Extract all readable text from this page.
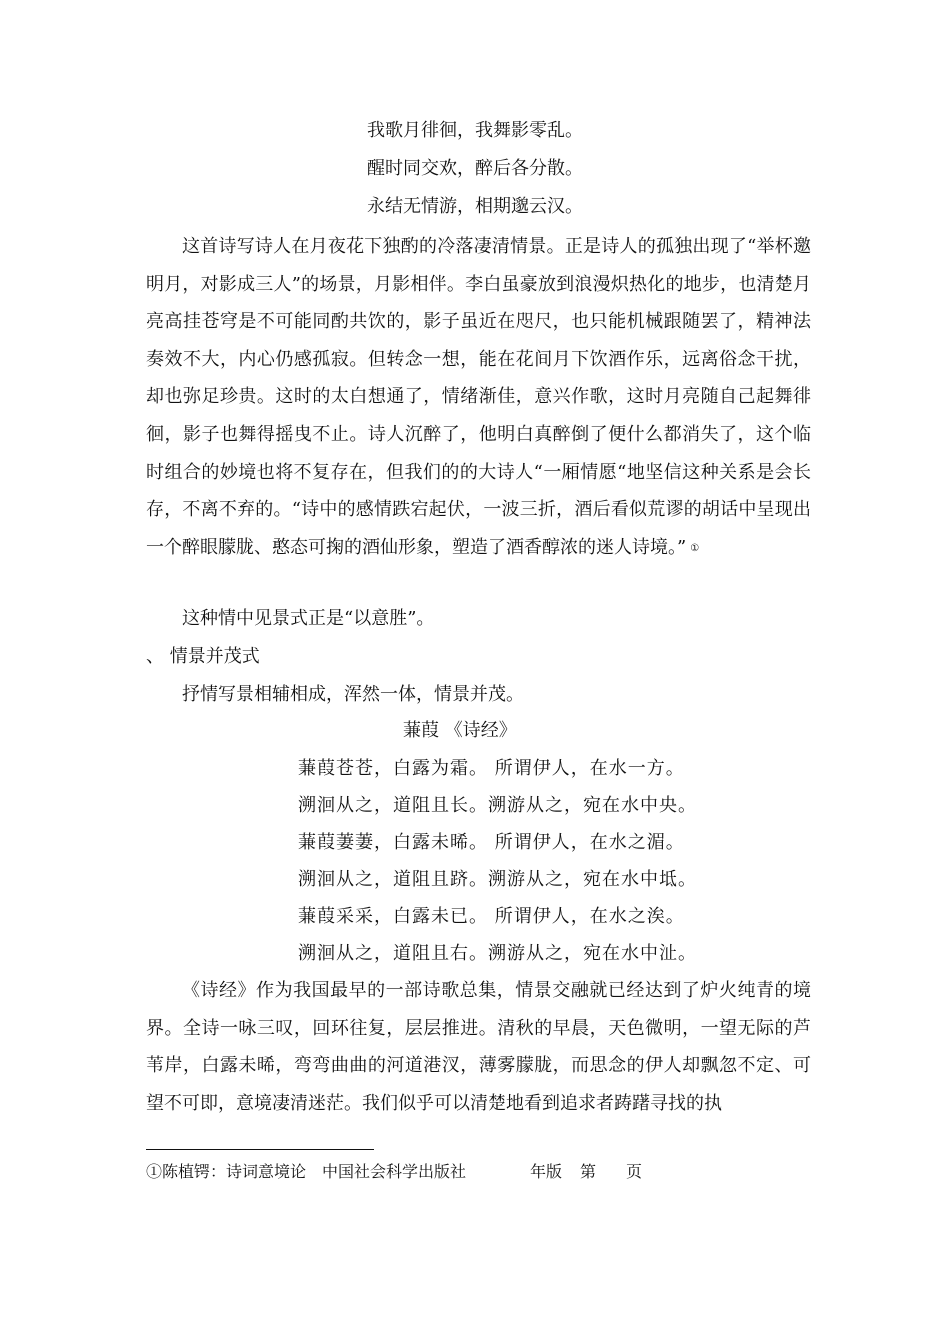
我歌月徘徊，我舞影零乱。
醒时同交欢，醉后各分散。
永结无情游，相期邈云汉。

这首诗写诗人在月夜花下独酌的冷落凄清情景。正是诗人的孤独出现了“举杯邀明月，对影成三人”的场景，月影相伴。李白虽豪放到浪漫炽热化的地步，也清楚月亮高挂苍穹是不可能同酌共饮的，影子虽近在咫尺，也只能机械跟随罢了，精神法奏效不大，内心仍感孤寂。但转念一想，能在花间月下饮酒作乐，远离俗念干扰，却也弥足珍贵。这时的太白想通了，情绪渐佳，意兴作歌，这时月亮随自己起舞徘徊，影子也舞得摇曳不止。诗人沉醉了，他明白真醉倒了便什么都消失了，这个临时组合的妙境也将不复存在，但我们的的大诗人“一厢情愿“地坚信这种关系是会长存，不离不弃的。“诗中的感情跌宕起伏，一波三折，酒后看似荒谬的胡话中呈现出一个醉眼朦胧、憨态可掬的酒仙形象，塑造了酒香醇浓的迷人诗境。” ①

这种情中见景式正是“以意胜”。
、 情景并茂式
抒情写景相辅相成，浑然一体，情景并茂。
蒹葭 《诗经》
蒹葭苍苍，白露为霜。 所谓伊人，在水一方。
溯洄从之，道阻且长。溯游从之，宛在水中央。
蒹葭萋萋，白露未晞。 所谓伊人，在水之湄。
溯洄从之，道阻且跻。溯游从之，宛在水中坻。
蒹葭采采，白露未已。 所谓伊人，在水之涘。
溯洄从之，道阻且右。溯游从之，宛在水中沚。

《诗经》作为我国最早的一部诗歌总集，情景交融就已经达到了炉火纯青的境界。全诗一咏三叹，回环往复，层层推进。清秋的早晨，天色微明，一望无际的芦苇岸，白露未晞，弯弯曲曲的河道港汊，薄雾朦胧，而思念的伊人却飘忽不定、可望不可即，意境凄清迷茫。我们似乎可以清楚地看到追求者踌躇寻找的执

①陈植锷：诗词意境论　中国社会科学出版社	年版 第 页
